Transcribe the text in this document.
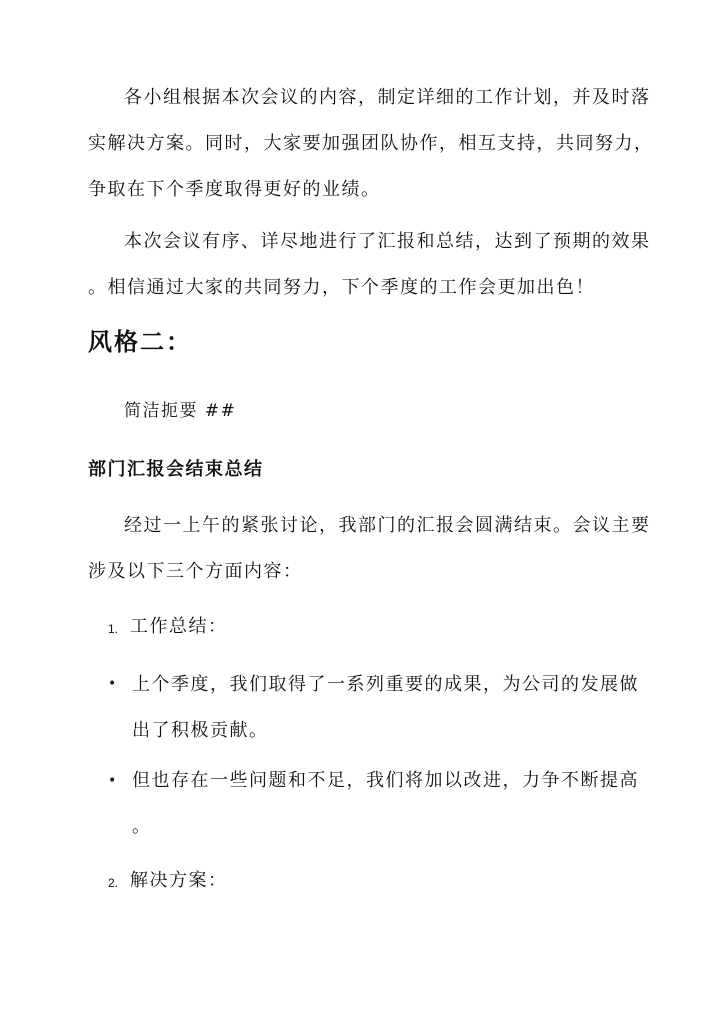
各小组根据本次会议的内容，制定详细的工作计划，并及时落
实解决方案。同时，大家要加强团队协作，相互支持，共同努力，
争取在下个季度取得更好的业绩。

本次会议有序、详尽地进行了汇报和总结，达到了预期的效果
。相信通过大家的共同努力，下个季度的工作会更加出色！

风格二：

简洁扼要 ##

部门汇报会结束总结

经过一上午的紧张讨论，我部门的汇报会圆满结束。会议主要
涉及以下三个方面内容：

1. 工作总结：
• 上个季度，我们取得了一系列重要的成果，为公司的发展做
出了积极贡献。

• 但也存在一些问题和不足，我们将加以改进，力争不断提高
。

2. 解决方案：
